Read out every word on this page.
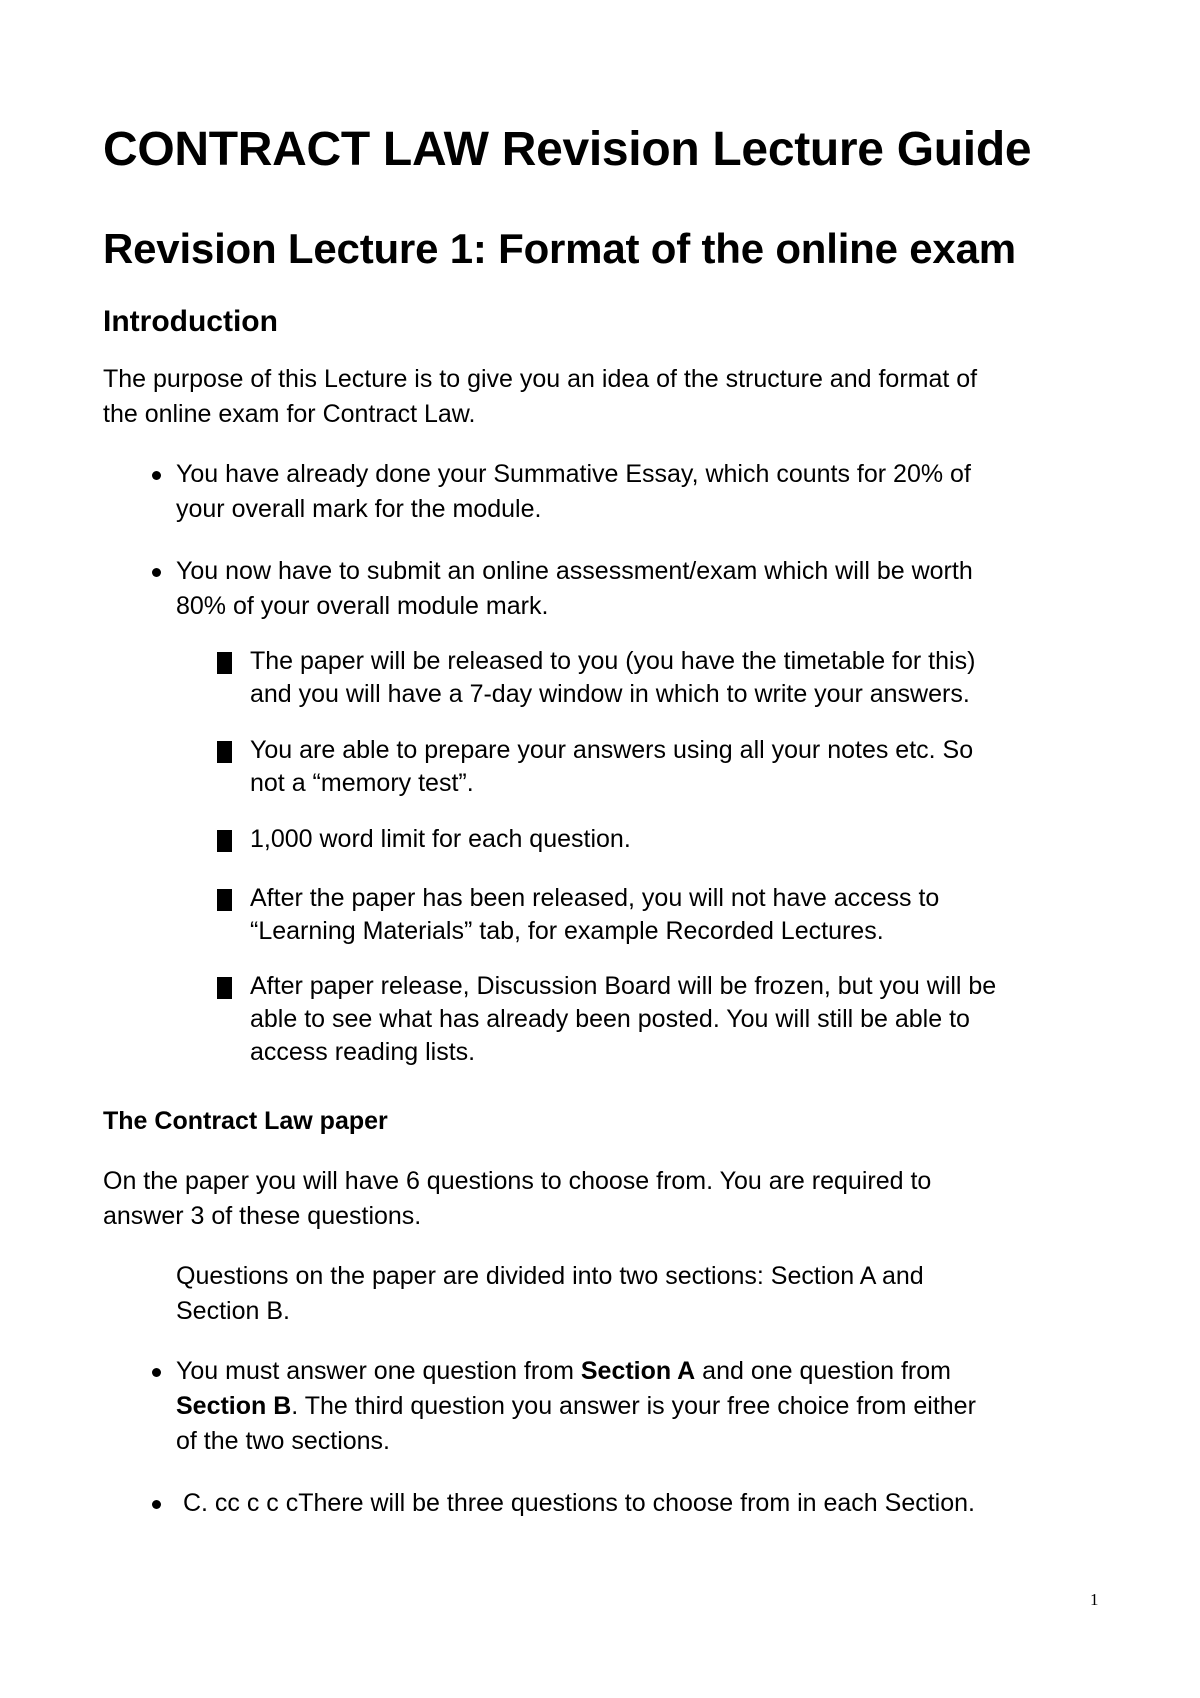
CONTRACT LAW Revision Lecture Guide
Revision Lecture 1: Format of the online exam
Introduction
The purpose of this Lecture is to give you an idea of the structure and format of
the online exam for Contract Law.
You have already done your Summative Essay, which counts for 20% of
your overall mark for the module.
You now have to submit an online assessment/exam which will be worth
80% of your overall module mark.
The paper will be released to you (you have the timetable for this)
and you will have a 7-day window in which to write your answers.
You are able to prepare your answers using all your notes etc. So
not a “memory test”.
1,000 word limit for each question.
After the paper has been released, you will not have access to
“Learning Materials” tab, for example Recorded Lectures.
After paper release, Discussion Board will be frozen, but you will be
able to see what has already been posted. You will still be able to
access reading lists.
The Contract Law paper
On the paper you will have 6 questions to choose from. You are required to
answer 3 of these questions.
Questions on the paper are divided into two sections: Section A and
Section B.
You must answer one question from Section A and one question from
Section B. The third question you answer is your free choice from either
of the two sections.
C. cc c c cThere will be three questions to choose from in each Section.
1
